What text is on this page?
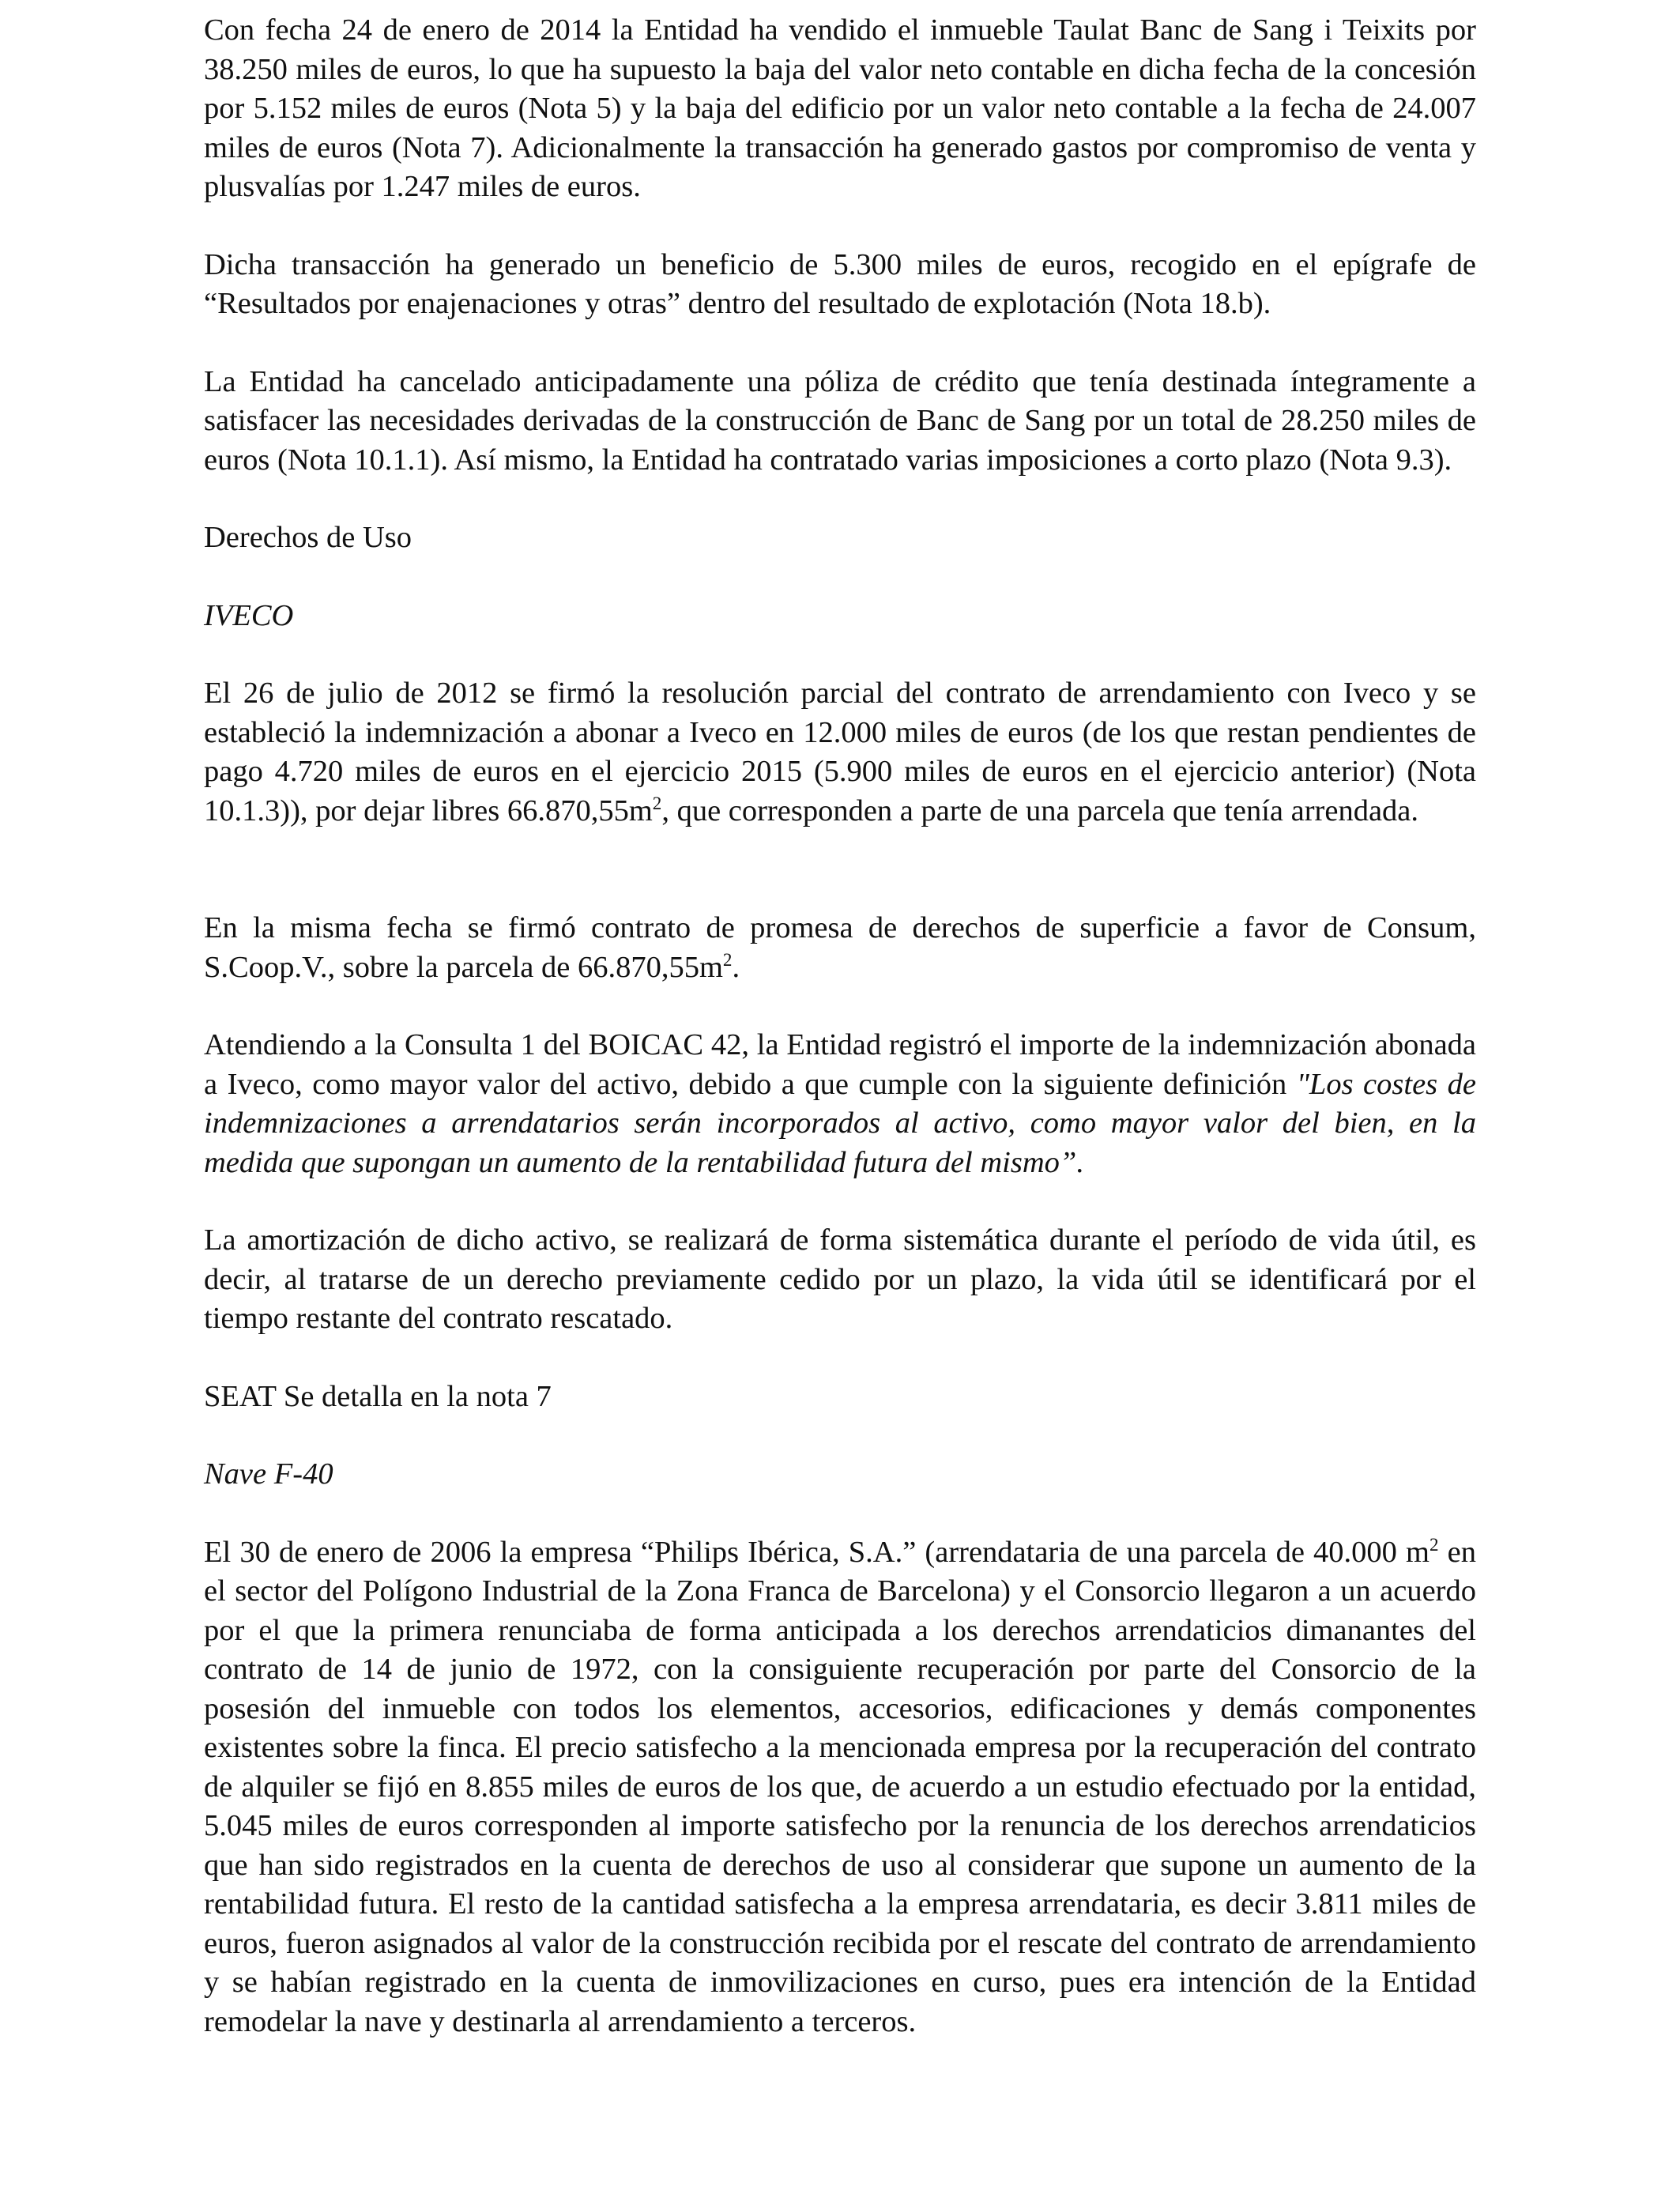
Con fecha 24 de enero de 2014 la Entidad ha vendido el inmueble Taulat Banc de Sang i Teixits por 38.250 miles de euros, lo que ha supuesto la baja del valor neto contable en dicha fecha de la concesión por 5.152 miles de euros (Nota 5) y la baja del edificio por un valor neto contable a la fecha de 24.007 miles de euros (Nota 7). Adicionalmente la transacción ha generado gastos por compromiso de venta y plusvalías por 1.247 miles de euros.

Dicha transacción ha generado un beneficio de 5.300 miles de euros, recogido en el epígrafe de “Resultados por enajenaciones y otras” dentro del resultado de explotación (Nota 18.b).

La Entidad ha cancelado anticipadamente una póliza de crédito que tenía destinada íntegramente a satisfacer las necesidades derivadas de la construcción de Banc de Sang por un total de 28.250 miles de euros (Nota 10.1.1). Así mismo, la Entidad ha contratado varias imposiciones a corto plazo (Nota 9.3).

Derechos de Uso

IVECO

El 26 de julio de 2012 se firmó la resolución parcial del contrato de arrendamiento con Iveco y se estableció la indemnización a abonar a Iveco en 12.000 miles de euros (de los que restan pendientes de pago 4.720 miles de euros en el ejercicio 2015 (5.900 miles de euros en el ejercicio anterior) (Nota 10.1.3)), por dejar libres $66.870,55m^2$, que corresponden a parte de una parcela que tenía arrendada.

En la misma fecha se firmó contrato de promesa de derechos de superficie a favor de Consum, S.Coop.V., sobre la parcela de $66.870,55m^2$.

Atendiendo a la Consulta 1 del BOICAC 42, la Entidad registró el importe de la indemnización abonada a Iveco, como mayor valor del activo, debido a que cumple con la siguiente definición "Los costes de indemnizaciones a arrendatarios serán incorporados al activo, como mayor valor del bien, en la medida que supongan un aumento de la rentabilidad futura del mismo”.

La amortización de dicho activo, se realizará de forma sistemática durante el período de vida útil, es decir, al tratarse de un derecho previamente cedido por un plazo, la vida útil se identificará por el tiempo restante del contrato rescatado.

SEAT Se detalla en la nota 7

Nave F-40

El 30 de enero de 2006 la empresa “Philips Ibérica, S.A.” (arrendataria de una parcela de 40.000 $m^2$ en el sector del Polígono Industrial de la Zona Franca de Barcelona) y el Consorcio llegaron a un acuerdo por el que la primera renunciaba de forma anticipada a los derechos arrendaticios dimanantes del contrato de 14 de junio de 1972, con la consiguiente recuperación por parte del Consorcio de la posesión del inmueble con todos los elementos, accesorios, edificaciones y demás componentes existentes sobre la finca. El precio satisfecho a la mencionada empresa por la recuperación del contrato de alquiler se fijó en 8.855 miles de euros de los que, de acuerdo a un estudio efectuado por la entidad, 5.045 miles de euros corresponden al importe satisfecho por la renuncia de los derechos arrendaticios que han sido registrados en la cuenta de derechos de uso al considerar que supone un aumento de la rentabilidad futura. El resto de la cantidad satisfecha a la empresa arrendataria, es decir 3.811 miles de euros, fueron asignados al valor de la construcción recibida por el rescate del contrato de arrendamiento y se habían registrado en la cuenta de inmovilizaciones en curso, pues era intención de la Entidad remodelar la nave y destinarla al arrendamiento a terceros.
